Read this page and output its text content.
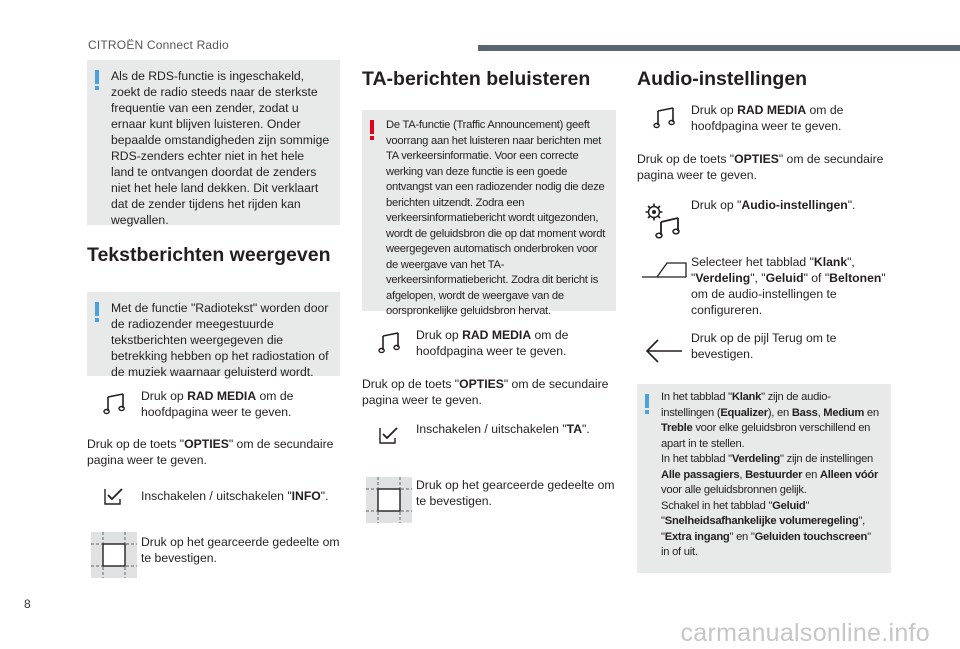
CITROËN Connect Radio
Als de RDS-functie is ingeschakeld, zoekt de radio steeds naar de sterkste frequentie van een zender, zodat u ernaar kunt blijven luisteren. Onder bepaalde omstandigheden zijn sommige RDS-zenders echter niet in het hele land te ontvangen doordat de zenders niet het hele land dekken. Dit verklaart dat de zender tijdens het rijden kan wegvallen.
Tekstberichten weergeven
Met de functie "Radiotekst" worden door de radiozender meegestuurde tekstberichten weergegeven die betrekking hebben op het radiostation of de muziek waarnaar geluisterd wordt.
Druk op RAD MEDIA om de hoofdpagina weer te geven.

Druk op de toets "OPTIES" om de secundaire pagina weer te geven.

Inschakelen / uitschakelen "INFO".
Druk op het gearceerde gedeelte om te bevestigen.
TA-berichten beluisteren
De TA-functie (Traffic Announcement) geeft voorrang aan het luisteren naar berichten met TA verkeersinformatie. Voor een correcte werking van deze functie is een goede ontvangst van een radiozender nodig die deze berichten uitzendt. Zodra een verkeersinformatiebericht wordt uitgezonden, wordt de geluidsbron die op dat moment wordt weergegeven automatisch onderbroken voor de weergave van het TA-verkeersinformatiebericht. Zodra dit bericht is afgelopen, wordt de weergave van de oorspronkelijke geluidsbron hervat.
Druk op RAD MEDIA om de hoofdpagina weer te geven.

Druk op de toets "OPTIES" om de secundaire pagina weer te geven.

Inschakelen / uitschakelen "TA".
Druk op het gearceerde gedeelte om te bevestigen.
Audio-instellingen
Druk op RAD MEDIA om de hoofdpagina weer te geven.

Druk op de toets "OPTIES" om de secundaire pagina weer te geven.

Druk op "Audio-instellingen".
Selecteer het tabblad "Klank", "Verdeling", "Geluid" of "Beltonen" om de audio-instellingen te configureren.
Druk op de pijl Terug om te bevestigen.
In het tabblad "Klank" zijn de audio-instellingen (Equalizer), en Bass, Medium en Treble voor elke geluidsbron verschillend en apart in te stellen.
In het tabblad "Verdeling" zijn de instellingen Alle passagiers, Bestuurder en Alleen vóór voor alle geluidsbronnen gelijk.
Schakel in het tabblad "Geluid" "Snelheidsafhankelijke volumeregeling", "Extra ingang" en "Geluiden touchscreen" in of uit.
8
carmanualsonline.info
